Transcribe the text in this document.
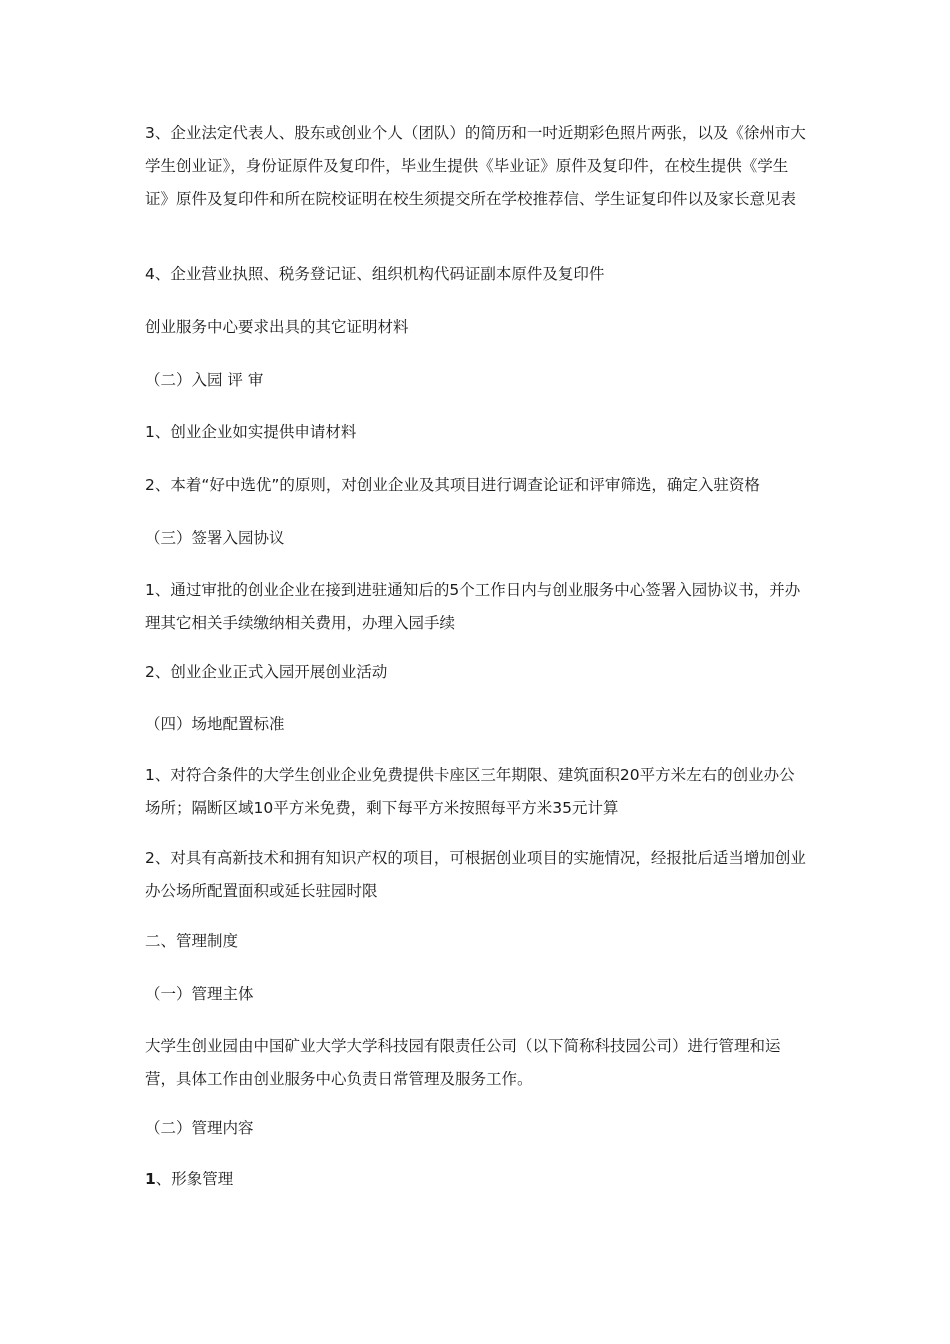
3、企业法定代表人、股东或创业个人（团队）的简历和一吋近期彩色照片两张，以及《徐州市大学生创业证》，身份证原件及复印件，毕业生提供《毕业证》原件及复印件，在校生提供《学生证》原件及复印件和所在院校证明在校生须提交所在学校推荐信、学生证复印件以及家长意见表

4、企业营业执照、税务登记证、组织机构代码证副本原件及复印件

创业服务中心要求出具的其它证明材料

（二）入园 评 审

1、创业企业如实提供申请材料

2、本着“好中选优”的原则，对创业企业及其项目进行调查论证和评审筛选，确定入驻资格

（三）签署入园协议

1、通过审批的创业企业在接到进驻通知后的5个工作日内与创业服务中心签署入园协议书，并办理其它相关手续缴纳相关费用，办理入园手续

2、创业企业正式入园开展创业活动

（四）场地配置标准

1、对符合条件的大学生创业企业免费提供卡座区三年期限、建筑面积20平方米左右的创业办公场所；隔断区域10平方米免费，剩下每平方米按照每平方米35元计算

2、对具有高新技术和拥有知识产权的项目，可根据创业项目的实施情况，经报批后适当增加创业办公场所配置面积或延长驻园时限

二、管理制度

（一）管理主体

大学生创业园由中国矿业大学大学科技园有限责任公司（以下简称科技园公司）进行管理和运营，具体工作由创业服务中心负责日常管理及服务工作。

（二）管理内容

1、形象管理
